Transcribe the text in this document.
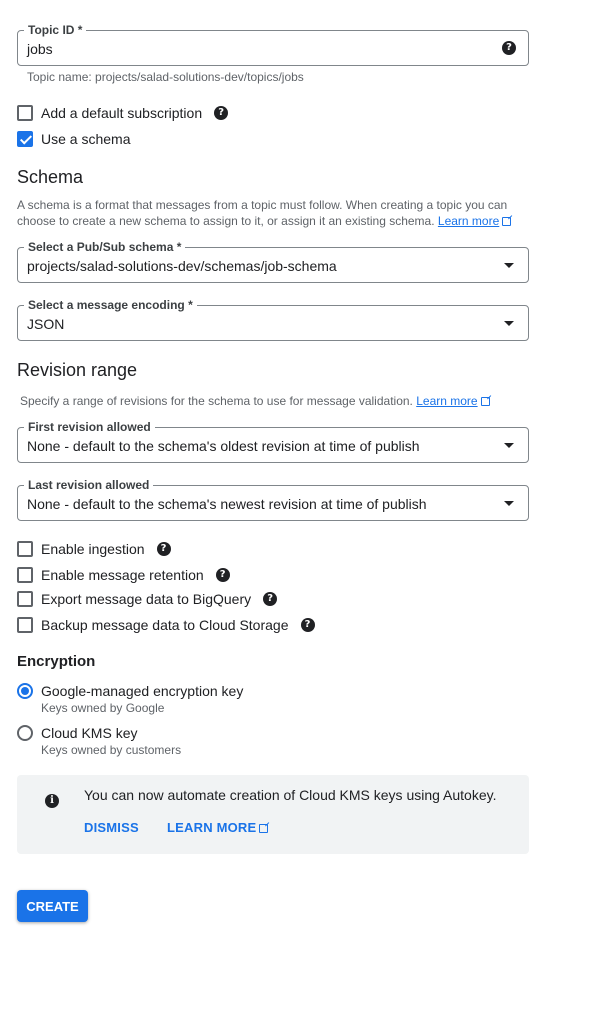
Topic ID *
jobs	?
Topic name: projects/salad-solutions-dev/topics/jobs
Add a default subscription	?
Use a schema
Schema
A schema is a format that messages from a topic must follow. When creating a topic you can
choose to create a new schema to assign to it, or assign it an existing schema. Learn more
Select a Pub/Sub schema *
projects/salad-solutions-dev/schemas/job-schema
Select a message encoding *
JSON
Revision range
Specify a range of revisions for the schema to use for message validation. Learn more
First revision allowed
None - default to the schema's oldest revision at time of publish
Last revision allowed
None - default to the schema's newest revision at time of publish
Enable ingestion	?
Enable message retention	?
Export message data to BigQuery	?
Backup message data to Cloud Storage	?
Encryption
Google-managed encryption key
Keys owned by Google
Cloud KMS key
Keys owned by customers
i	You can now automate creation of Cloud KMS keys using Autokey.
DISMISS LEARN MORE
CREATE
